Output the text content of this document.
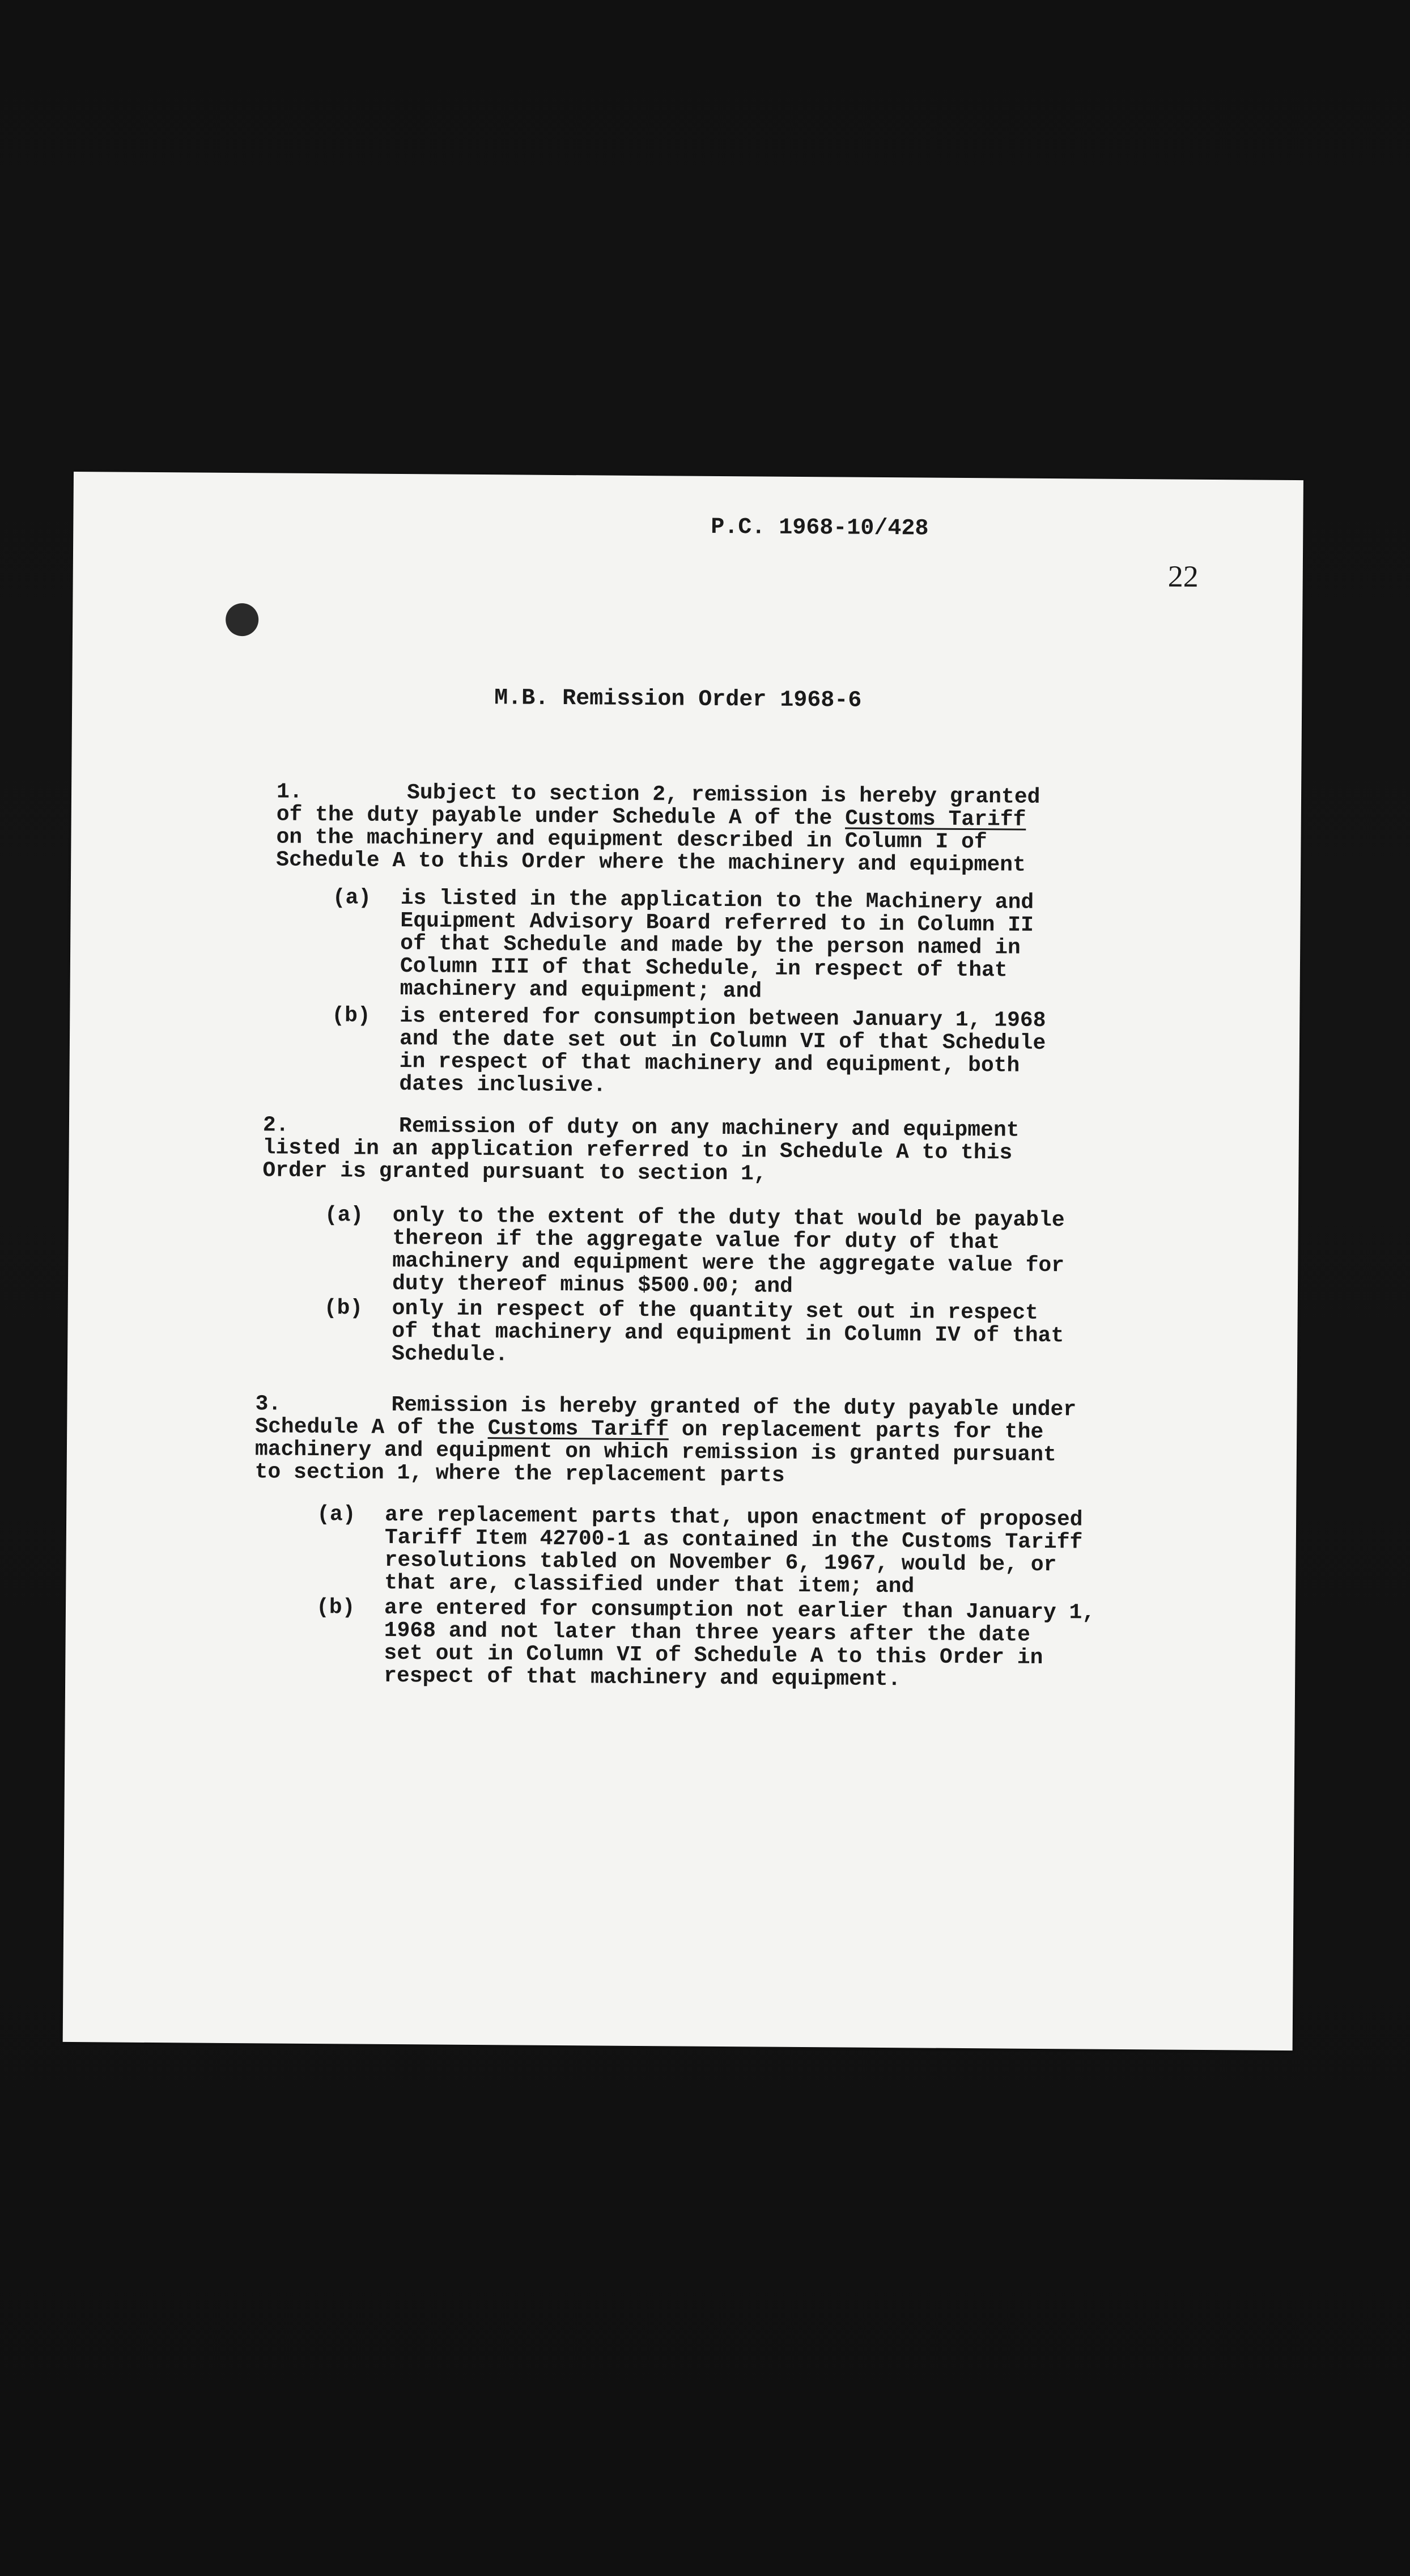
P.C. 1968-10/428
22
M.B. Remission Order 1968-6
1.	Subject to section 2, remission is hereby granted
of the duty payable under Schedule A of the Customs Tariff
on the machinery and equipment described in Column I of
Schedule A to this Order where the machinery and equipment
(a) is listed in the application to the Machinery and
Equipment Advisory Board referred to in Column II
of that Schedule and made by the person named in
Column III of that Schedule, in respect of that
machinery and equipment; and
(b) is entered for consumption between January 1, 1968
and the date set out in Column VI of that Schedule
in respect of that machinery and equipment, both
dates inclusive.
2.	Remission of duty on any machinery and equipment
listed in an application referred to in Schedule A to this
Order is granted pursuant to section 1,
(a) only to the extent of the duty that would be payable
thereon if the aggregate value for duty of that
machinery and equipment were the aggregate value for
duty thereof minus $500.00; and
(b) only in respect of the quantity set out in respect
of that machinery and equipment in Column IV of that
Schedule.
3.	Remission is hereby granted of the duty payable under
Schedule A of the Customs Tariff on replacement parts for the
machinery and equipment on which remission is granted pursuant
to section 1, where the replacement parts
(a) are replacement parts that, upon enactment of proposed
Tariff Item 42700-1 as contained in the Customs Tariff
resolutions tabled on November 6, 1967, would be, or
that are, classified under that item; and
(b) are entered for consumption not earlier than January 1,
1968 and not later than three years after the date
set out in Column VI of Schedule A to this Order in
respect of that machinery and equipment.
